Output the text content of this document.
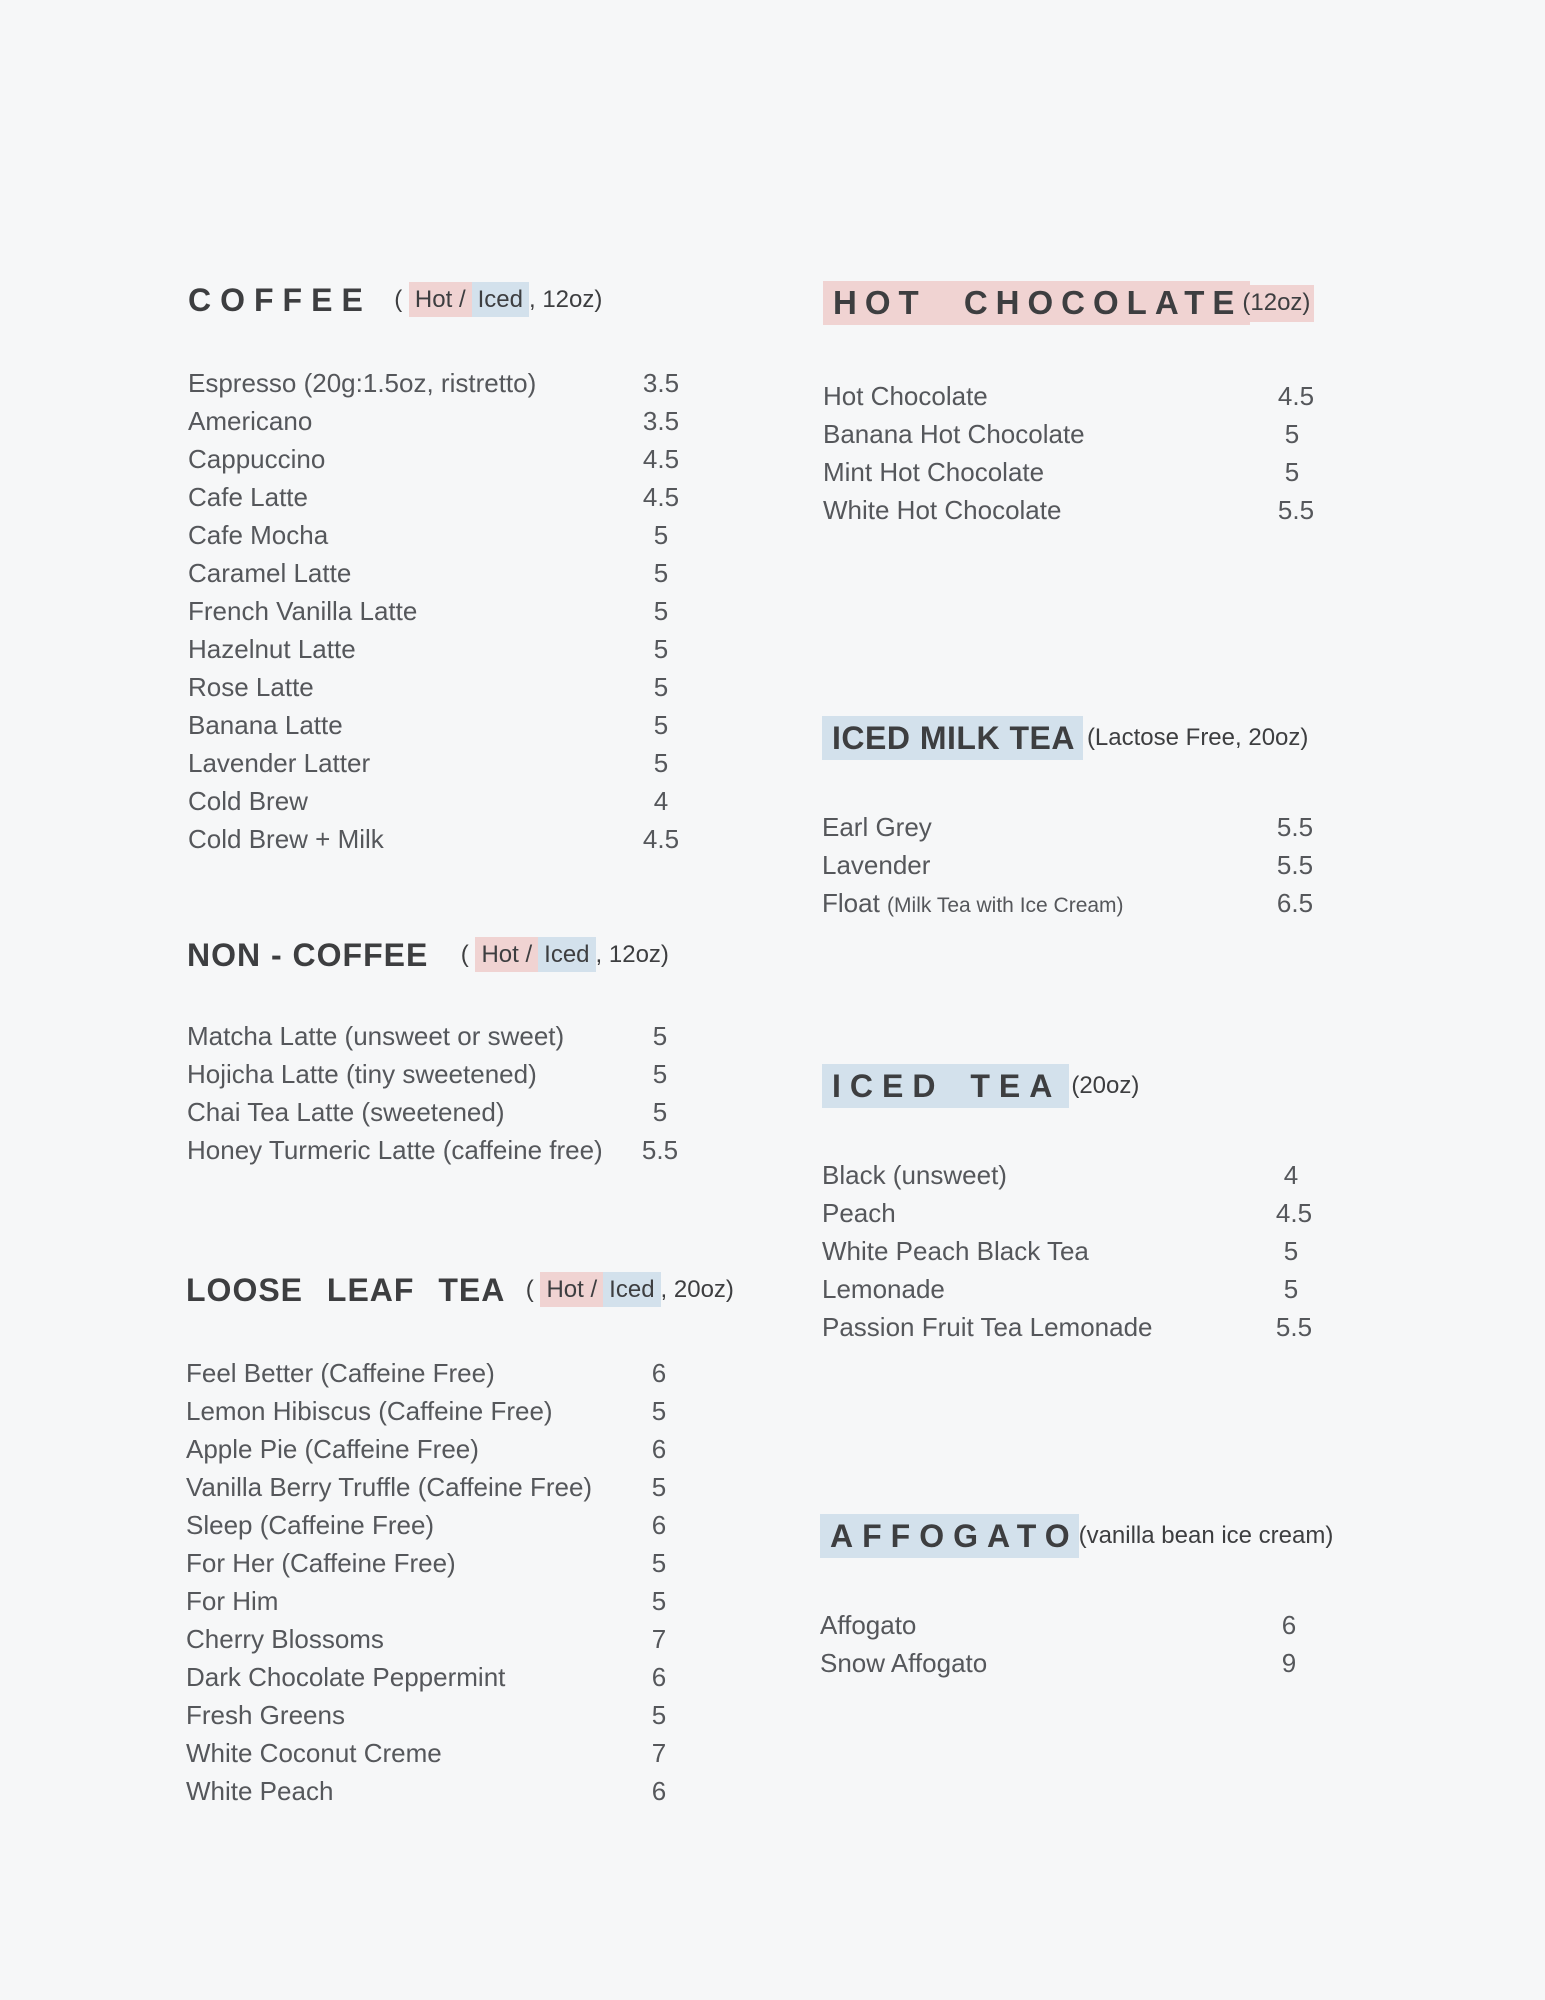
COFFEE ( Hot / Iced , 12oz)
Espresso (20g:1.5oz, ristretto)	3.5
Americano	3.5
Cappuccino	4.5
Cafe Latte	4.5
Cafe Mocha	5
Caramel Latte	5
French Vanilla Latte	5
Hazelnut Latte	5
Rose Latte	5
Banana Latte	5
Lavender Latter	5
Cold Brew	4
Cold Brew + Milk	4.5
NON - COFFEE ( Hot / Iced , 12oz)
Matcha Latte (unsweet or sweet)	5
Hojicha Latte (tiny sweetened)	5
Chai Tea Latte (sweetened)	5
Honey Turmeric Latte (caffeine free) 5.5
LOOSE LEAF TEA ( Hot / Iced , 20oz)
Feel Better (Caffeine Free)	6
Lemon Hibiscus (Caffeine Free)	5
Apple Pie (Caffeine Free)	6
Vanilla Berry Truffle (Caffeine Free) 5
Sleep (Caffeine Free)	6
For Her (Caffeine Free)	5
For Him	5
Cherry Blossoms	7
Dark Chocolate Peppermint	6
Fresh Greens	5
White Coconut Creme	7
White Peach	6
HOT CHOCOLATE(12oz)
Hot Chocolate	4.5
Banana Hot Chocolate	5
Mint Hot Chocolate	5
White Hot Chocolate	5.5
ICED MILK TEA (Lactose Free, 20oz)
Earl Grey	5.5
Lavender	5.5
Float (Milk Tea with Ice Cream)	6.5
ICED TEA (20oz)
Black (unsweet)	4
Peach	4.5
White Peach Black Tea	5
Lemonade	5
Passion Fruit Tea Lemonade	5.5
AFFOGATO(vanilla bean ice cream)
Affogato	6
Snow Affogato	9
